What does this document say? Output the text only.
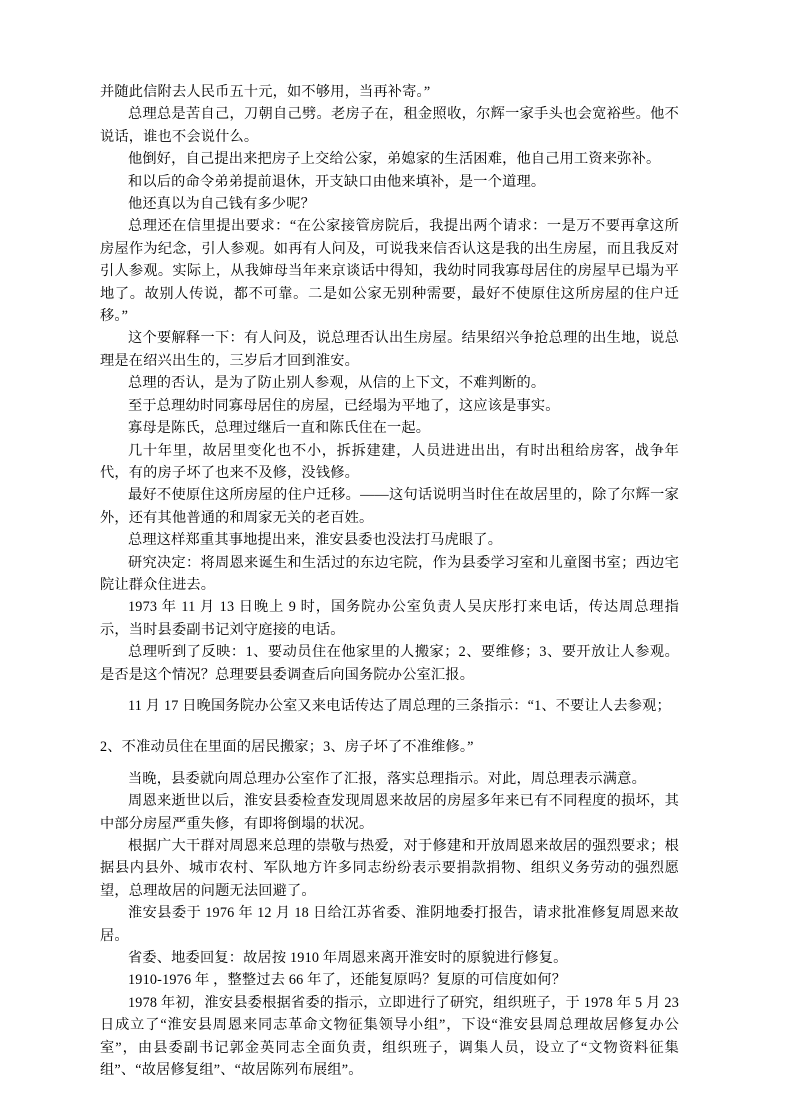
并随此信附去人民币五十元，如不够用，当再补寄。”

总理总是苦自己，刀朝自己劈。老房子在，租金照收，尔辉一家手头也会宽裕些。他不说话，谁也不会说什么。

他倒好，自己提出来把房子上交给公家，弟媳家的生活困难，他自己用工资来弥补。

和以后的命令弟弟提前退休，开支缺口由他来填补，是一个道理。

他还真以为自己钱有多少呢？

总理还在信里提出要求：“在公家接管房院后，我提出两个请求：一是万不要再拿这所房屋作为纪念，引人参观。如再有人问及，可说我来信否认这是我的出生房屋，而且我反对引人参观。实际上，从我婶母当年来京谈话中得知，我幼时同我寡母居住的房屋早已塌为平地了。故别人传说，都不可靠。二是如公家无别种需要，最好不使原住这所房屋的住户迁移。”

这个要解释一下：有人问及，说总理否认出生房屋。结果绍兴争抢总理的出生地，说总理是在绍兴出生的，三岁后才回到淮安。

总理的否认，是为了防止别人参观，从信的上下文，不难判断的。

至于总理幼时同寡母居住的房屋，已经塌为平地了，这应该是事实。

寡母是陈氏，总理过继后一直和陈氏住在一起。

几十年里，故居里变化也不小，拆拆建建，人员进进出出，有时出租给房客，战争年代，有的房子坏了也来不及修，没钱修。

最好不使原住这所房屋的住户迁移。——这句话说明当时住在故居里的，除了尔辉一家外，还有其他普通的和周家无关的老百姓。

总理这样郑重其事地提出来，淮安县委也没法打马虎眼了。

研究决定：将周恩来诞生和生活过的东边宅院，作为县委学习室和儿童图书室；西边宅院让群众住进去。

1973 年 11 月 13 日晚上 9 时，国务院办公室负责人吴庆彤打来电话，传达周总理指示，当时县委副书记刘守庭接的电话。

总理听到了反映：1、要动员住在他家里的人搬家；2、要维修；3、要开放让人参观。是否是这个情况？总理要县委调查后向国务院办公室汇报。

11 月 17 日晚国务院办公室又来电话传达了周总理的三条指示：“1、不要让人去参观；

2、不准动员住在里面的居民搬家；3、房子坏了不准维修。”

当晚，县委就向周总理办公室作了汇报，落实总理指示。对此，周总理表示满意。

周恩来逝世以后，淮安县委检查发现周恩来故居的房屋多年来已有不同程度的损坏，其中部分房屋严重失修，有即将倒塌的状况。

根据广大干群对周恩来总理的崇敬与热爱，对于修建和开放周恩来故居的强烈要求；根据县内县外、城市农村、军队地方许多同志纷纷表示要捐款捐物、组织义务劳动的强烈愿望，总理故居的问题无法回避了。

淮安县委于 1976 年 12 月 18 日给江苏省委、淮阴地委打报告，请求批准修复周恩来故居。

省委、地委回复：故居按 1910 年周恩来离开淮安时的原貌进行修复。

1910-1976 年 ，整整过去 66 年了，还能复原吗？复原的可信度如何？

1978 年初，淮安县委根据省委的指示，立即进行了研究，组织班子，于 1978 年 5 月 23 日成立了“淮安县周恩来同志革命文物征集领导小组”，下设“淮安县周总理故居修复办公室”，由县委副书记郭金英同志全面负责，组织班子，调集人员，设立了“文物资料征集组”、“故居修复组”、“故居陈列布展组”。
